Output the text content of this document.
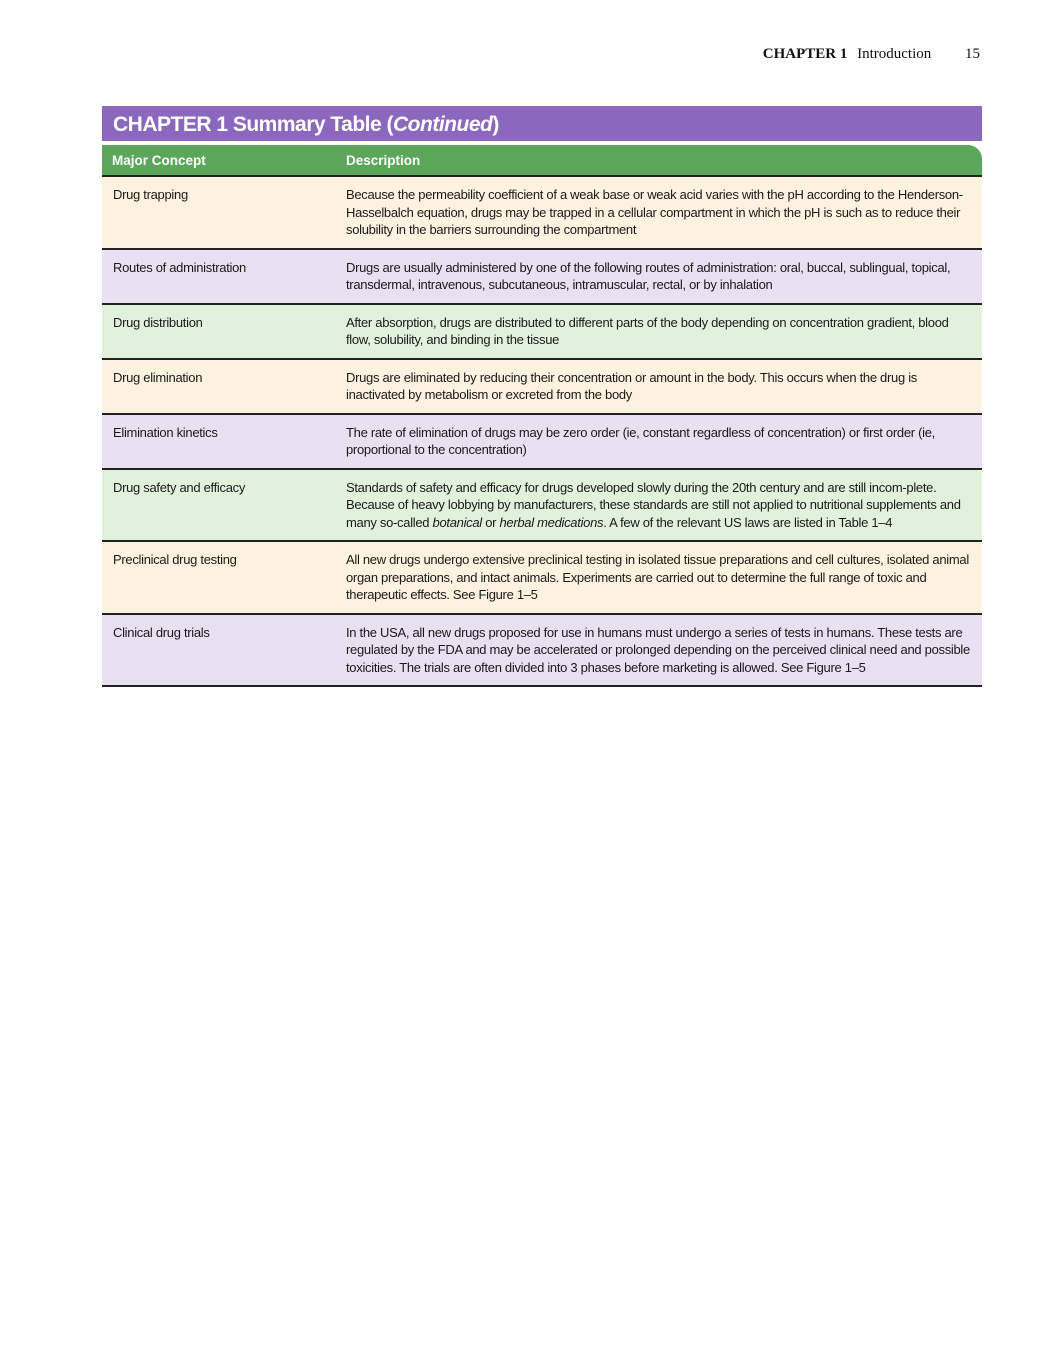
CHAPTER 1 Introduction 15
CHAPTER 1 Summary Table (Continued)
Major Concept	Description
Drug trapping	Because the permeability coefficient of a weak base or weak acid varies with the pH according to the Henderson-Hasselbalch equation, drugs may be trapped in a cellular compartment in which the pH is such as to reduce their solubility in the barriers surrounding the compartment
Routes of administration	Drugs are usually administered by one of the following routes of administration: oral, buccal, sublingual, topical, transdermal, intravenous, subcutaneous, intramuscular, rectal, or by inhalation
Drug distribution	After absorption, drugs are distributed to different parts of the body depending on concentration gradient, blood flow, solubility, and binding in the tissue
Drug elimination	Drugs are eliminated by reducing their concentration or amount in the body. This occurs when the drug is inactivated by metabolism or excreted from the body
Elimination kinetics	The rate of elimination of drugs may be zero order (ie, constant regardless of concentration) or first order (ie, proportional to the concentration)
Drug safety and efficacy	Standards of safety and efficacy for drugs developed slowly during the 20th century and are still incom-plete. Because of heavy lobbying by manufacturers, these standards are still not applied to nutritional supplements and many so-called botanical or herbal medications. A few of the relevant US laws are listed in Table 1–4
Preclinical drug testing	All new drugs undergo extensive preclinical testing in isolated tissue preparations and cell cultures, isolated animal organ preparations, and intact animals. Experiments are carried out to determine the full range of toxic and therapeutic effects. See Figure 1–5
Clinical drug trials	In the USA, all new drugs proposed for use in humans must undergo a series of tests in humans. These tests are regulated by the FDA and may be accelerated or prolonged depending on the perceived clinical need and possible toxicities. The trials are often divided into 3 phases before marketing is allowed. See Figure 1–5
